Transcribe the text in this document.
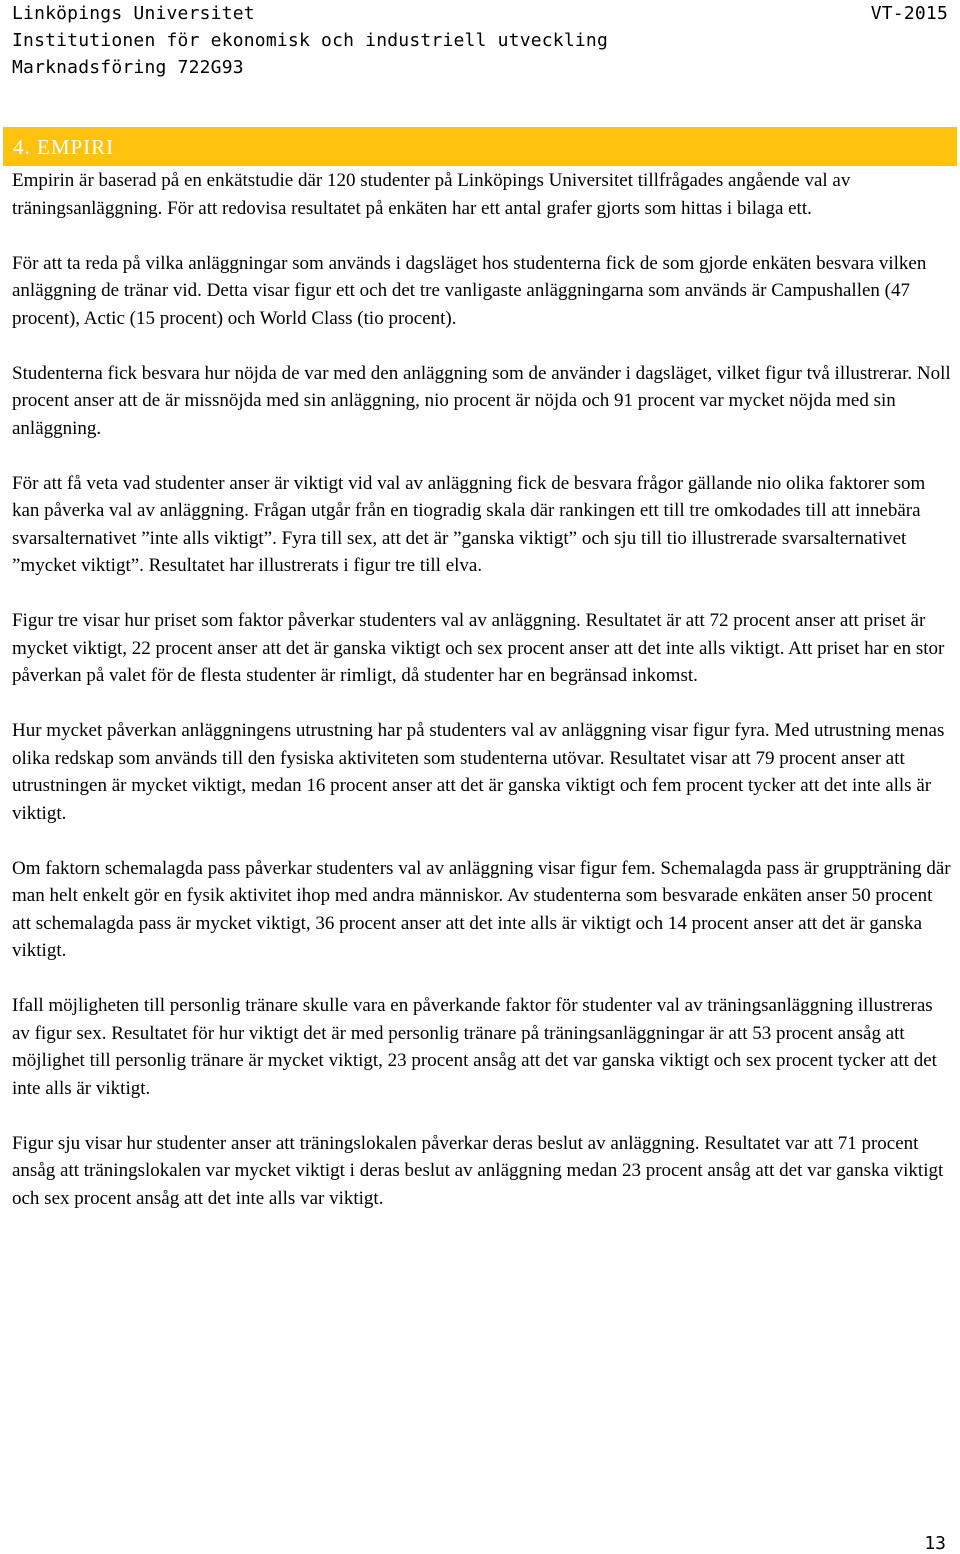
Linköpings Universitet
Institutionen för ekonomisk och industriell utveckling
Marknadsföring 722G93
VT-2015
4. EMPIRI

Empirin är baserad på en enkätstudie där 120 studenter på Linköpings Universitet tillfrågades angående val av träningsanläggning. För att redovisa resultatet på enkäten har ett antal grafer gjorts som hittas i bilaga ett.

För att ta reda på vilka anläggningar som används i dagsläget hos studenterna fick de som gjorde enkäten besvara vilken anläggning de tränar vid. Detta visar figur ett och det tre vanligaste anläggningarna som används är Campushallen (47 procent), Actic (15 procent) och World Class (tio procent).

Studenterna fick besvara hur nöjda de var med den anläggning som de använder i dagsläget, vilket figur två illustrerar. Noll procent anser att de är missnöjda med sin anläggning, nio procent är nöjda och 91 procent var mycket nöjda med sin anläggning.

För att få veta vad studenter anser är viktigt vid val av anläggning fick de besvara frågor gällande nio olika faktorer som kan påverka val av anläggning. Frågan utgår från en tiogradig skala där rankingen ett till tre omkodades till att innebära svarsalternativet ”inte alls viktigt”. Fyra till sex, att det är ”ganska viktigt” och sju till tio illustrerade svarsalternativet ”mycket viktigt”. Resultatet har illustrerats i figur tre till elva.

Figur tre visar hur priset som faktor påverkar studenters val av anläggning. Resultatet är att 72 procent anser att priset är mycket viktigt, 22 procent anser att det är ganska viktigt och sex procent anser att det inte alls viktigt. Att priset har en stor påverkan på valet för de flesta studenter är rimligt, då studenter har en begränsad inkomst.

Hur mycket påverkan anläggningens utrustning har på studenters val av anläggning visar figur fyra. Med utrustning menas olika redskap som används till den fysiska aktiviteten som studenterna utövar. Resultatet visar att 79 procent anser att utrustningen är mycket viktigt, medan 16 procent anser att det är ganska viktigt och fem procent tycker att det inte alls är viktigt.

Om faktorn schemalagda pass påverkar studenters val av anläggning visar figur fem. Schemalagda pass är gruppträning där man helt enkelt gör en fysik aktivitet ihop med andra människor. Av studenterna som besvarade enkäten anser 50 procent att schemalagda pass är mycket viktigt, 36 procent anser att det inte alls är viktigt och 14 procent anser att det är ganska viktigt.

Ifall möjligheten till personlig tränare skulle vara en påverkande faktor för studenter val av träningsanläggning illustreras av figur sex. Resultatet för hur viktigt det är med personlig tränare på träningsanläggningar är att 53 procent ansåg att möjlighet till personlig tränare är mycket viktigt, 23 procent ansåg att det var ganska viktigt och sex procent tycker att det inte alls är viktigt.

Figur sju visar hur studenter anser att träningslokalen påverkar deras beslut av anläggning. Resultatet var att 71 procent ansåg att träningslokalen var mycket viktigt i deras beslut av anläggning medan 23 procent ansåg att det var ganska viktigt och sex procent ansåg att det inte alls var viktigt.

13
